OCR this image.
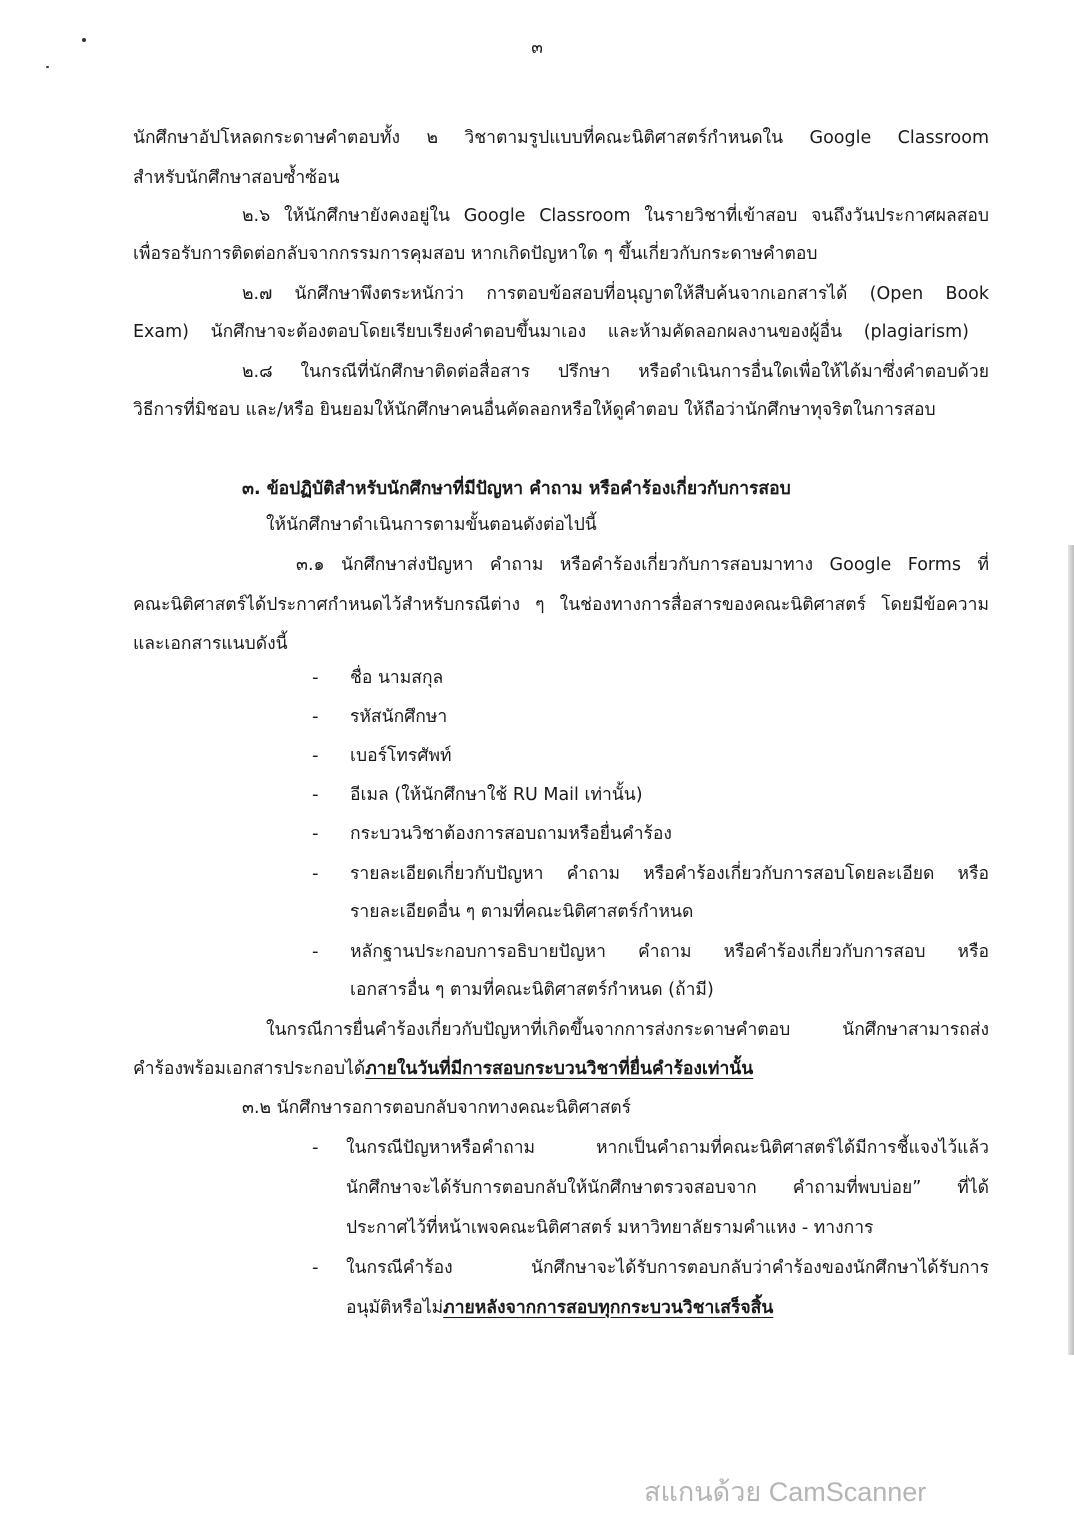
๓
นักศึกษาอัปโหลดกระดาษคำตอบทั้ง ๒ วิชาตามรูปแบบที่คณะนิติศาสตร์กำหนดใน Google Classroom
สำหรับนักศึกษาสอบซ้ำซ้อน
๒.๖ ให้นักศึกษายังคงอยู่ใน Google Classroom ในรายวิชาที่เข้าสอบ จนถึงวันประกาศผลสอบ
เพื่อรอรับการติดต่อกลับจากกรรมการคุมสอบ หากเกิดปัญหาใด ๆ ขึ้นเกี่ยวกับกระดาษคำตอบ
๒.๗ นักศึกษาพึงตระหนักว่า การตอบข้อสอบที่อนุญาตให้สืบค้นจากเอกสารได้ (Open Book
Exam) นักศึกษาจะต้องตอบโดยเรียบเรียงคำตอบขึ้นมาเอง และห้ามคัดลอกผลงานของผู้อื่น (plagiarism)
๒.๘ ในกรณีที่นักศึกษาติดต่อสื่อสาร ปรึกษา หรือดำเนินการอื่นใดเพื่อให้ได้มาซึ่งคำตอบด้วย
วิธีการที่มิชอบ และ/หรือ ยินยอมให้นักศึกษาคนอื่นคัดลอกหรือให้ดูคำตอบ ให้ถือว่านักศึกษาทุจริตในการสอบ
๓. ข้อปฏิบัติสำหรับนักศึกษาที่มีปัญหา คำถาม หรือคำร้องเกี่ยวกับการสอบ
ให้นักศึกษาดำเนินการตามขั้นตอนดังต่อไปนี้
๓.๑ นักศึกษาส่งปัญหา คำถาม หรือคำร้องเกี่ยวกับการสอบมาทาง Google Forms ที่
คณะนิติศาสตร์ได้ประกาศกำหนดไว้สำหรับกรณีต่าง ๆ ในช่องทางการสื่อสารของคณะนิติศาสตร์ โดยมีข้อความ
และเอกสารแนบดังนี้
- ชื่อ นามสกุล
- รหัสนักศึกษา
- เบอร์โทรศัพท์
- อีเมล (ให้นักศึกษาใช้ RU Mail เท่านั้น)
- กระบวนวิชาต้องการสอบถามหรือยื่นคำร้อง
- รายละเอียดเกี่ยวกับปัญหา คำถาม หรือคำร้องเกี่ยวกับการสอบโดยละเอียด หรือ
รายละเอียดอื่น ๆ ตามที่คณะนิติศาสตร์กำหนด
- หลักฐานประกอบการอธิบายปัญหา คำถาม หรือคำร้องเกี่ยวกับการสอบ หรือ
เอกสารอื่น ๆ ตามที่คณะนิติศาสตร์กำหนด (ถ้ามี)
ในกรณีการยื่นคำร้องเกี่ยวกับปัญหาที่เกิดขึ้นจากการส่งกระดาษคำตอบ นักศึกษาสามารถส่ง
คำร้องพร้อมเอกสารประกอบได้ภายในวันที่มีการสอบกระบวนวิชาที่ยื่นคำร้องเท่านั้น
๓.๒ นักศึกษารอการตอบกลับจากทางคณะนิติศาสตร์
- ในกรณีปัญหาหรือคำถาม หากเป็นคำถามที่คณะนิติศาสตร์ได้มีการชี้แจงไว้แล้ว
นักศึกษาจะได้รับการตอบกลับให้นักศึกษาตรวจสอบจาก คำถามที่พบบ่อย” ที่ได้
ประกาศไว้ที่หน้าเพจคณะนิติศาสตร์ มหาวิทยาลัยรามคำแหง - ทางการ
- ในกรณีคำร้อง นักศึกษาจะได้รับการตอบกลับว่าคำร้องของนักศึกษาได้รับการ
อนุมัติหรือไม่ภายหลังจากการสอบทุกกระบวนวิชาเสร็จสิ้น
สแกนด้วย CamScanner
